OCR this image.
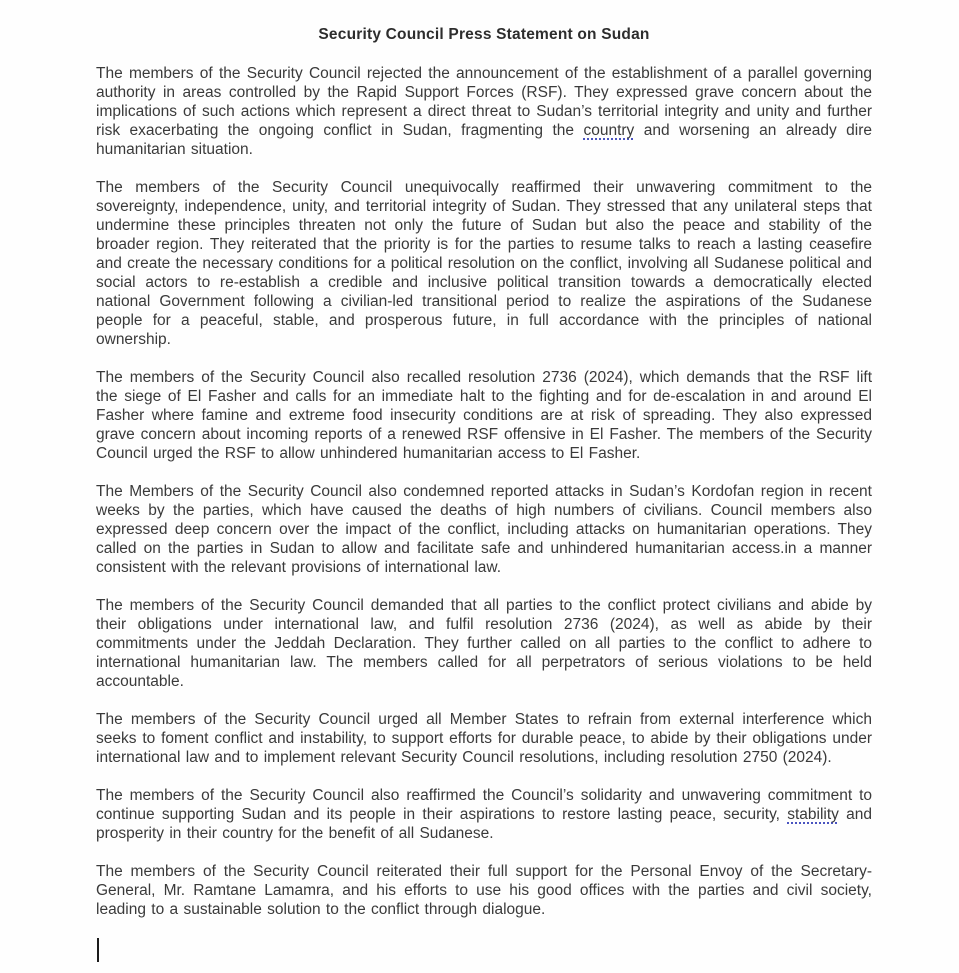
Security Council Press Statement on Sudan

The members of the Security Council rejected the announcement of the establishment of a parallel governing authority in areas controlled by the Rapid Support Forces (RSF). They expressed grave concern about the implications of such actions which represent a direct threat to Sudan’s territorial integrity and unity and further risk exacerbating the ongoing conflict in Sudan, fragmenting the country and worsening an already dire humanitarian situation.

The members of the Security Council unequivocally reaffirmed their unwavering commitment to the sovereignty, independence, unity, and territorial integrity of Sudan. They stressed that any unilateral steps that undermine these principles threaten not only the future of Sudan but also the peace and stability of the broader region. They reiterated that the priority is for the parties to resume talks to reach a lasting ceasefire and create the necessary conditions for a political resolution on the conflict, involving all Sudanese political and social actors to re-establish a credible and inclusive political transition towards a democratically elected national Government following a civilian-led transitional period to realize the aspirations of the Sudanese people for a peaceful, stable, and prosperous future, in full accordance with the principles of national ownership.

The members of the Security Council also recalled resolution 2736 (2024), which demands that the RSF lift the siege of El Fasher and calls for an immediate halt to the fighting and for de-escalation in and around El Fasher where famine and extreme food insecurity conditions are at risk of spreading. They also expressed grave concern about incoming reports of a renewed RSF offensive in El Fasher. The members of the Security Council urged the RSF to allow unhindered humanitarian access to El Fasher.

The Members of the Security Council also condemned reported attacks in Sudan’s Kordofan region in recent weeks by the parties, which have caused the deaths of high numbers of civilians. Council members also expressed deep concern over the impact of the conflict, including attacks on humanitarian operations. They called on the parties in Sudan to allow and facilitate safe and unhindered humanitarian access.in a manner consistent with the relevant provisions of international law.

The members of the Security Council demanded that all parties to the conflict protect civilians and abide by their obligations under international law, and fulfil resolution 2736 (2024), as well as abide by their commitments under the Jeddah Declaration. They further called on all parties to the conflict to adhere to international humanitarian law. The members called for all perpetrators of serious violations to be held accountable.

The members of the Security Council urged all Member States to refrain from external interference which seeks to foment conflict and instability, to support efforts for durable peace, to abide by their obligations under international law and to implement relevant Security Council resolutions, including resolution 2750 (2024).

The members of the Security Council also reaffirmed the Council’s solidarity and unwavering commitment to continue supporting Sudan and its people in their aspirations to restore lasting peace, security, stability and prosperity in their country for the benefit of all Sudanese.

The members of the Security Council reiterated their full support for the Personal Envoy of the Secretary-General, Mr. Ramtane Lamamra, and his efforts to use his good offices with the parties and civil society, leading to a sustainable solution to the conflict through dialogue.
